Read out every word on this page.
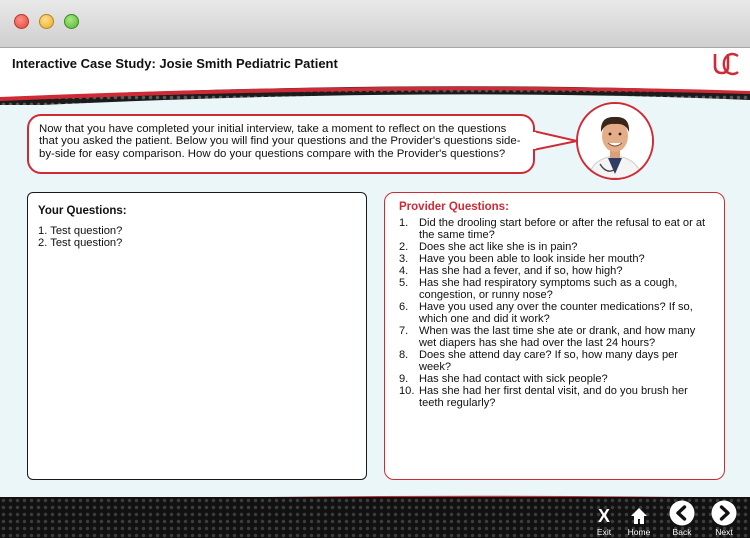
Interactive Case Study: Josie Smith Pediatric Patient

Now that you have completed your initial interview, take a moment to reflect on the questions that you asked the patient. Below you will find your questions and the Provider's questions side-by-side for easy comparison. How do your questions compare with the Provider's questions?

Your Questions:
1. Test question?
2. Test question?
Provider Questions:
1. Did the drooling start before or after the refusal to eat or at the same time?
2. Does she act like she is in pain?
3. Have you been able to look inside her mouth?
4. Has she had a fever, and if so, how high?
5. Has she had respiratory symptoms such as a cough, congestion, or runny nose?
6. Have you used any over the counter medications? If so, which one and did it work?
7. When was the last time she ate or drank, and how many wet diapers has she had over the last 24 hours?
8. Does she attend day care? If so, how many days per week?
9. Has she had contact with sick people?
10. Has she had her first dental visit, and do you brush her teeth regularly?
X
Exit	Home	Back	Next
